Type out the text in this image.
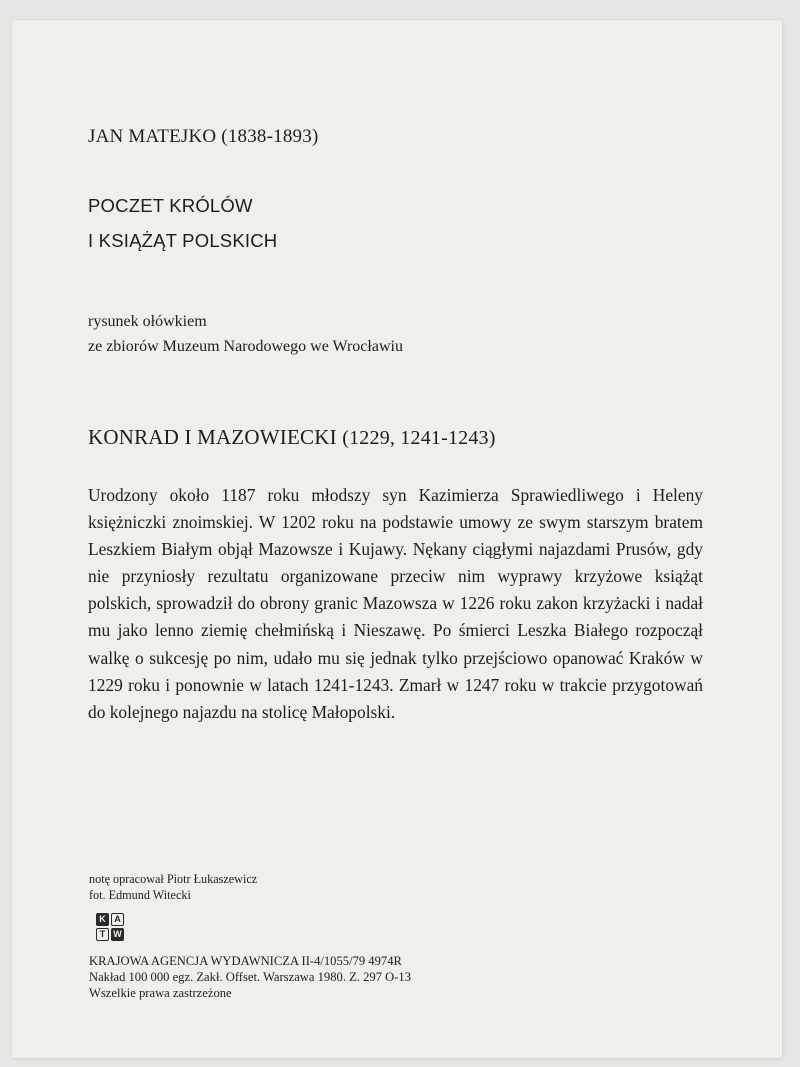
JAN MATEJKO (1838-1893)
POCZET KRÓLÓW
I KSIĄŻĄT POLSKICH
rysunek ołówkiem
ze zbiorów Muzeum Narodowego we Wrocławiu
KONRAD I MAZOWIECKI (1229, 1241-1243)
Urodzony około 1187 roku młodszy syn Kazimierza Sprawiedliwego i Heleny księżniczki znoimskiej. W 1202 roku na podstawie umowy ze swym starszym bratem Leszkiem Białym objął Mazowsze i Kujawy. Nękany ciągłymi najazdami Prusów, gdy nie przyniosły rezultatu organizowane przeciw nim wyprawy krzyżowe książąt polskich, sprowadził do obrony granic Mazowsza w 1226 roku zakon krzyżacki i nadał mu jako lenno ziemię chełmińską i Nieszawę. Po śmierci Leszka Białego rozpoczął walkę o sukcesję po nim, udało mu się jednak tylko przejściowo opanować Kraków w 1229 roku i ponownie w latach 1241-1243. Zmarł w 1247 roku w trakcie przygotowań do kolejnego najazdu na stolicę Małopolski.
notę opracował Piotr Łukaszewicz
fot. Edmund Witecki
K A
T W
KRAJOWA AGENCJA WYDAWNICZA II-4/1055/79 4974R
Nakład 100 000 egz. Zakł. Offset. Warszawa 1980. Z. 297 O-13
Wszelkie prawa zastrzeżone
